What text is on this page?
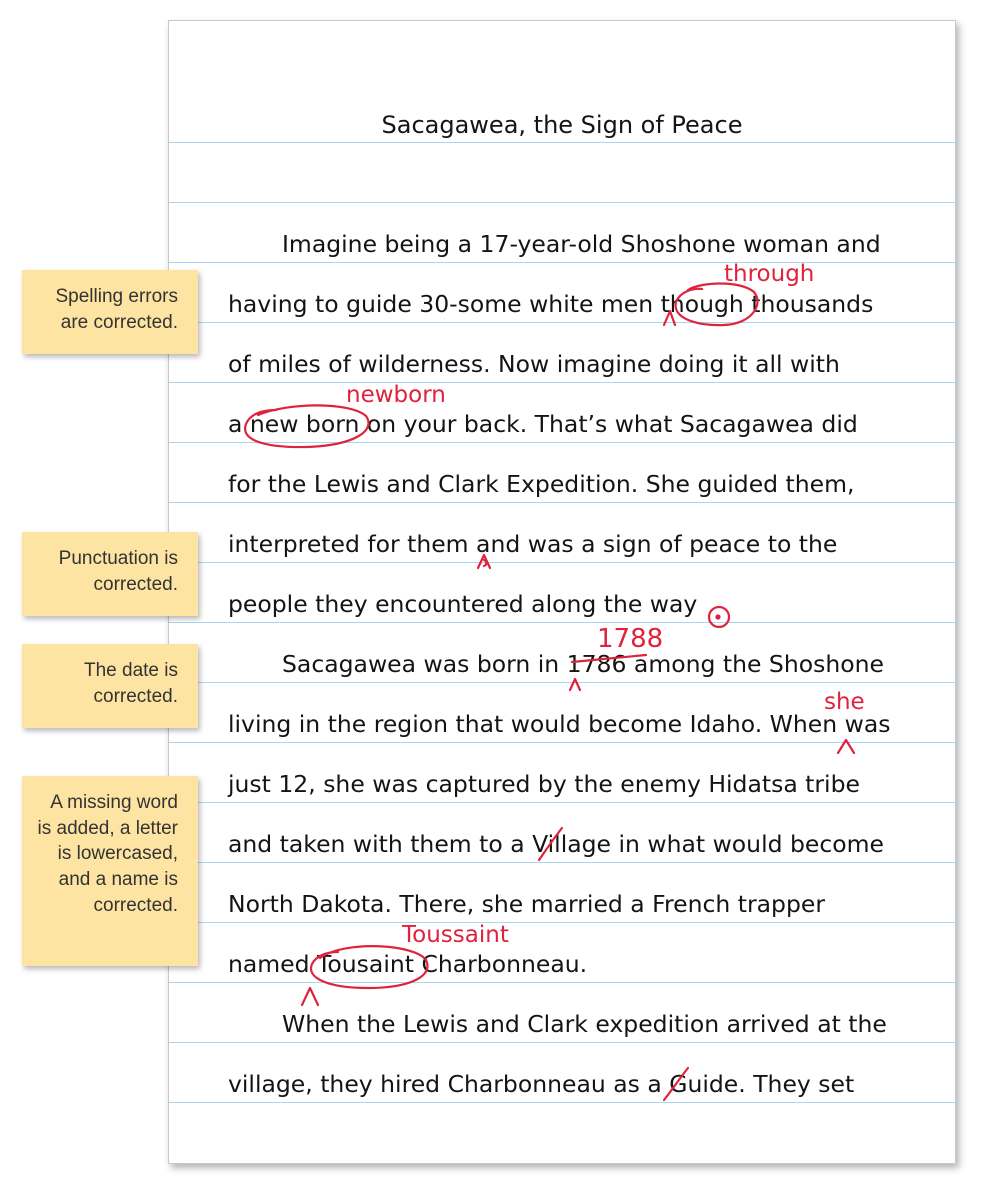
Sacagawea, the Sign of Peace
Imagine being a 17-year-old Shoshone woman and
having to guide 30-some white men though thousands
of miles of wilderness. Now imagine doing it all with
a new born on your back. That’s what Sacagawea did
for the Lewis and Clark Expedition. She guided them,
interpreted for them and was a sign of peace to the
people they encountered along the way
Sacagawea was born in 1786 among the Shoshone
living in the region that would become Idaho. When was
just 12, she was captured by the enemy Hidatsa tribe
and taken with them to a Village in what would become
North Dakota. There, she married a French trapper
named Tousaint Charbonneau.
When the Lewis and Clark expedition arrived at the
village, they hired Charbonneau as a Guide. They set
through
newborn
1788
she
Toussaint
Spelling errors are corrected.
Punctuation is corrected.
The date is corrected.
A missing word is added, a letter is lowercased, and a name is corrected.
